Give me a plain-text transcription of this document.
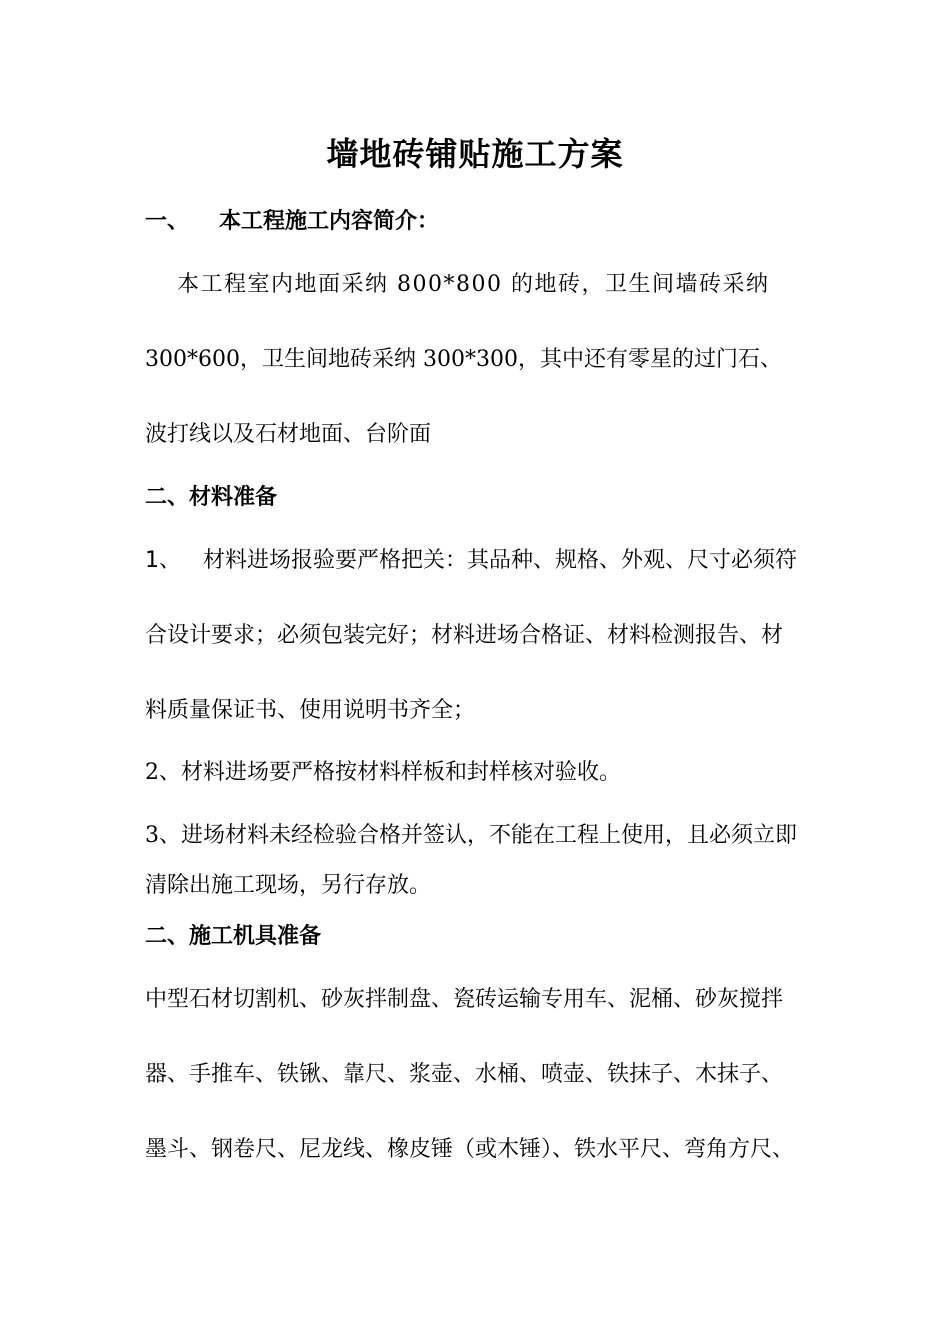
墙地砖铺贴施工方案

一、 本工程施工内容简介：

本工程室内地面采纳 800*800 的地砖，卫生间墙砖采纳

300*600，卫生间地砖采纳 300*300，其中还有零星的过门石、

波打线以及石材地面、台阶面

二、材料准备

1、 材料进场报验要严格把关：其品种、规格、外观、尺寸必须符

合设计要求；必须包装完好；材料进场合格证、材料检测报告、材

料质量保证书、使用说明书齐全；

2、材料进场要严格按材料样板和封样核对验收。

3、进场材料未经检验合格并签认，不能在工程上使用，且必须立即

清除出施工现场，另行存放。

二、施工机具准备

中型石材切割机、砂灰拌制盘、瓷砖运输专用车、泥桶、砂灰搅拌

器、手推车、铁锹、靠尺、浆壶、水桶、喷壶、铁抹子、木抹子、

墨斗、钢卷尺、尼龙线、橡皮锤（或木锤）、铁水平尺、弯角方尺、
